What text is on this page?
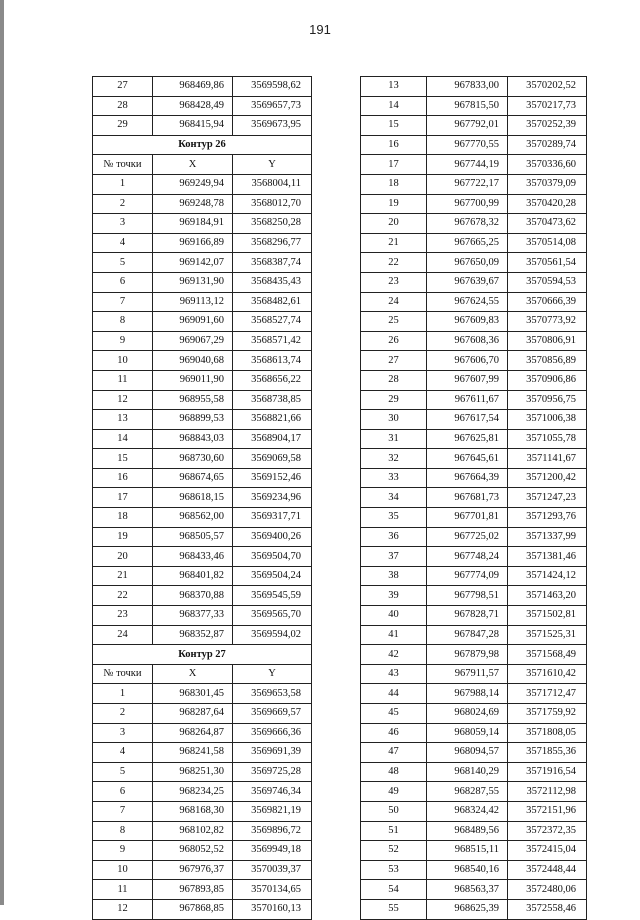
191
27	968469,86	3569598,62
28	968428,49	3569657,73
29	968415,94	3569673,95
Контур 26		
№ точки	X	Y
1	969249,94	3568004,11
2	969248,78	3568012,70
3	969184,91	3568250,28
4	969166,89	3568296,77
5	969142,07	3568387,74
6	969131,90	3568435,43
7	969113,12	3568482,61
8	969091,60	3568527,74
9	969067,29	3568571,42
10	969040,68	3568613,74
11	969011,90	3568656,22
12	968955,58	3568738,85
13	968899,53	3568821,66
14	968843,03	3568904,17
15	968730,60	3569069,58
16	968674,65	3569152,46
17	968618,15	3569234,96
18	968562,00	3569317,71
19	968505,57	3569400,26
20	968433,46	3569504,70
21	968401,82	3569504,24
22	968370,88	3569545,59
23	968377,33	3569565,70
24	968352,87	3569594,02
Контур 27		
№ точки	X	Y
1	968301,45	3569653,58
2	968287,64	3569669,57
3	968264,87	3569666,36
4	968241,58	3569691,39
5	968251,30	3569725,28
6	968234,25	3569746,34
7	968168,30	3569821,19
8	968102,82	3569896,72
9	968052,52	3569949,18
10	967976,37	3570039,37
11	967893,85	3570134,65
12	967868,85	3570160,13
13	967833,00	3570202,52
14	967815,50	3570217,73
15	967792,01	3570252,39
16	967770,55	3570289,74
17	967744,19	3570336,60
18	967722,17	3570379,09
19	967700,99	3570420,28
20	967678,32	3570473,62
21	967665,25	3570514,08
22	967650,09	3570561,54
23	967639,67	3570594,53
24	967624,55	3570666,39
25	967609,83	3570773,92
26	967608,36	3570806,91
27	967606,70	3570856,89
28	967607,99	3570906,86
29	967611,67	3570956,75
30	967617,54	3571006,38
31	967625,81	3571055,78
32	967645,61	3571141,67
33	967664,39	3571200,42
34	967681,73	3571247,23
35	967701,81	3571293,76
36	967725,02	3571337,99
37	967748,24	3571381,46
38	967774,09	3571424,12
39	967798,51	3571463,20
40	967828,71	3571502,81
41	967847,28	3571525,31
42	967879,98	3571568,49
43	967911,57	3571610,42
44	967988,14	3571712,47
45	968024,69	3571759,92
46	968059,14	3571808,05
47	968094,57	3571855,36
48	968140,29	3571916,54
49	968287,55	3572112,98
50	968324,42	3572151,96
51	968489,56	3572372,35
52	968515,11	3572415,04
53	968540,16	3572448,44
54	968563,37	3572480,06
55	968625,39	3572558,46
